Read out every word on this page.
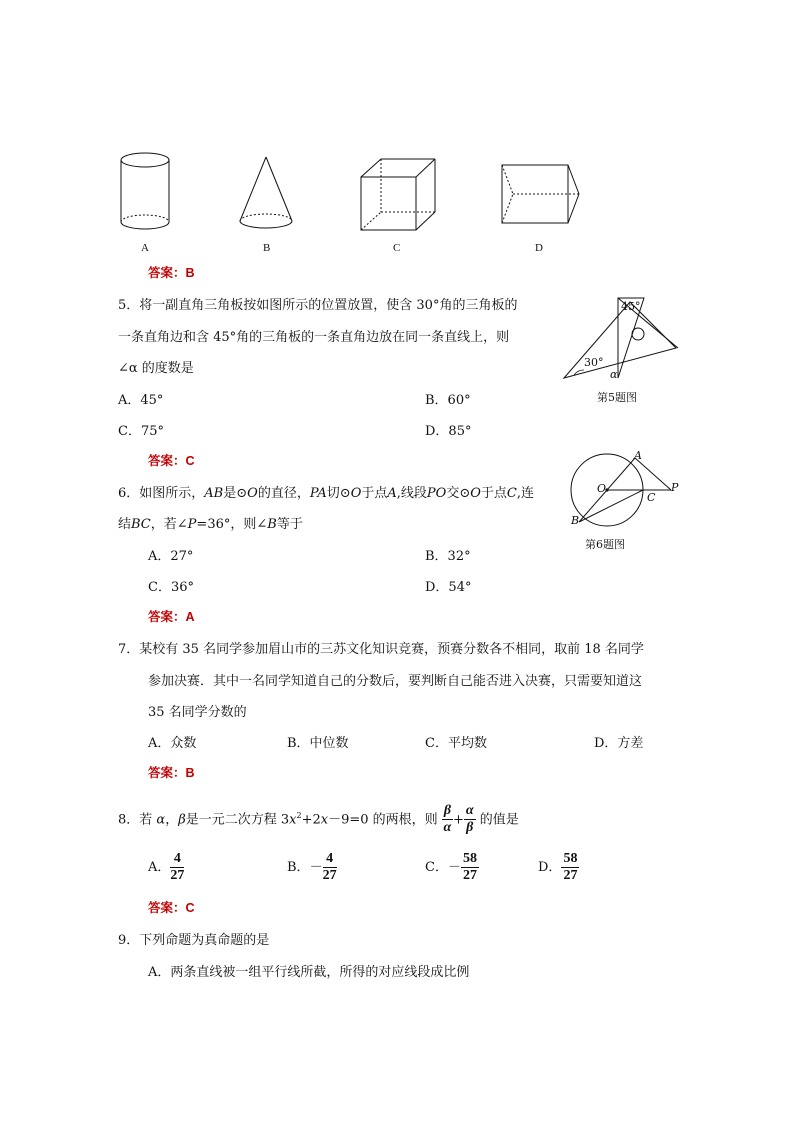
A	B	C	D
答案：B
5．将一副直角三角板按如图所示的位置放置，使含 30°角的三角板的
一条直角边和含 45°角的三角板的一条直角边放在同一条直线上，则
∠α 的度数是
A．45°	B．60°
C．75°	D．85°
45°
30°
α
第5题图
答案：C
6．如图所示，AB是⊙O的直径，PA切⊙O于点A,线段PO交⊙O于点C,连
结BC，若∠P=36°，则∠B等于
A．27°	B．32°
C．36°	D．54°
A
O
C
P
B
第6题图
答案：A
7．某校有 35 名同学参加眉山市的三苏文化知识竞赛，预赛分数各不相同，取前 18 名同学
参加决赛．其中一名同学知道自己的分数后，要判断自己能否进入决赛，只需要知道这
35 名同学分数的
A．众数	B．中位数	C．平均数	D．方差
答案：B
8．若 α，β是一元二次方程 $3x^2+2x-9=0$ 的两根，则 $\frac{\beta}{\alpha} + \frac{\alpha}{\beta}$ 的值是
A． $\frac{4}{27}$	B．－ $\frac{4}{27}$	C．－ $\frac{58}{27}$	D． $\frac{58}{27}$
答案：C
9．下列命题为真命题的是
A．两条直线被一组平行线所截，所得的对应线段成比例
